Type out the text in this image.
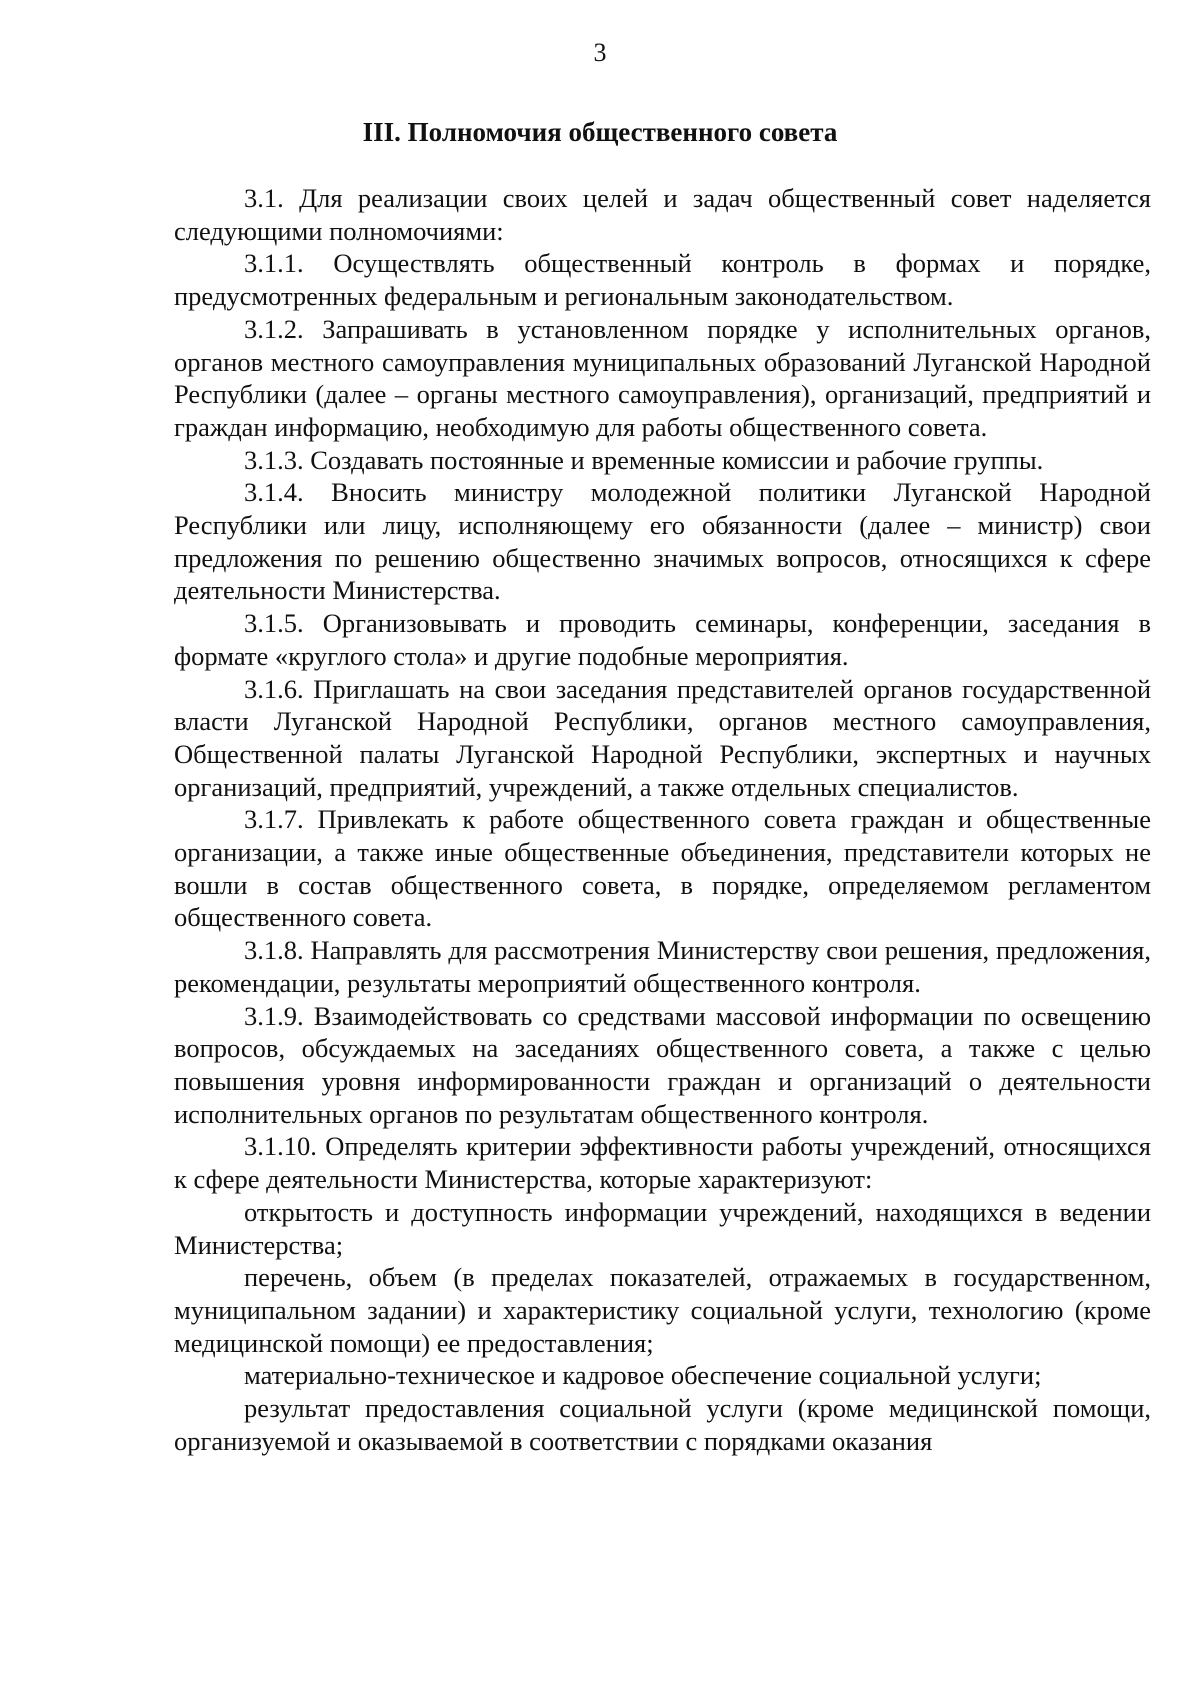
3
III. Полномочия общественного совета

3.1. Для реализации своих целей и задач общественный совет наделяется следующими полномочиями:

3.1.1. Осуществлять общественный контроль в формах и порядке, предусмотренных федеральным и региональным законодательством.

3.1.2. Запрашивать в установленном порядке у исполнительных органов, органов местного самоуправления муниципальных образований Луганской Народной Республики (далее – органы местного самоуправления), организаций, предприятий и граждан информацию, необходимую для работы общественного совета.

3.1.3. Создавать постоянные и временные комиссии и рабочие группы.

3.1.4. Вносить министру молодежной политики Луганской Народной Республики или лицу, исполняющему его обязанности (далее – министр) свои предложения по решению общественно значимых вопросов, относящихся к сфере деятельности Министерства.

3.1.5. Организовывать и проводить семинары, конференции, заседания в формате «круглого стола» и другие подобные мероприятия.

3.1.6. Приглашать на свои заседания представителей органов государственной власти Луганской Народной Республики, органов местного самоуправления, Общественной палаты Луганской Народной Республики, экспертных и научных организаций, предприятий, учреждений, а также отдельных специалистов.

3.1.7. Привлекать к работе общественного совета граждан и общественные организации, а также иные общественные объединения, представители которых не вошли в состав общественного совета, в порядке, определяемом регламентом общественного совета.

3.1.8. Направлять для рассмотрения Министерству свои решения, предложения, рекомендации, результаты мероприятий общественного контроля.

3.1.9. Взаимодействовать со средствами массовой информации по освещению вопросов, обсуждаемых на заседаниях общественного совета, а также с целью повышения уровня информированности граждан и организаций о деятельности исполнительных органов по результатам общественного контроля.

3.1.10. Определять критерии эффективности работы учреждений, относящихся к сфере деятельности Министерства, которые характеризуют:

открытость и доступность информации учреждений, находящихся в ведении Министерства;

перечень, объем (в пределах показателей, отражаемых в государственном, муниципальном задании) и характеристику социальной услуги, технологию (кроме медицинской помощи) ее предоставления;

материально-техническое и кадровое обеспечение социальной услуги;

результат предоставления социальной услуги (кроме медицинской помощи, организуемой и оказываемой в соответствии с порядками оказания
